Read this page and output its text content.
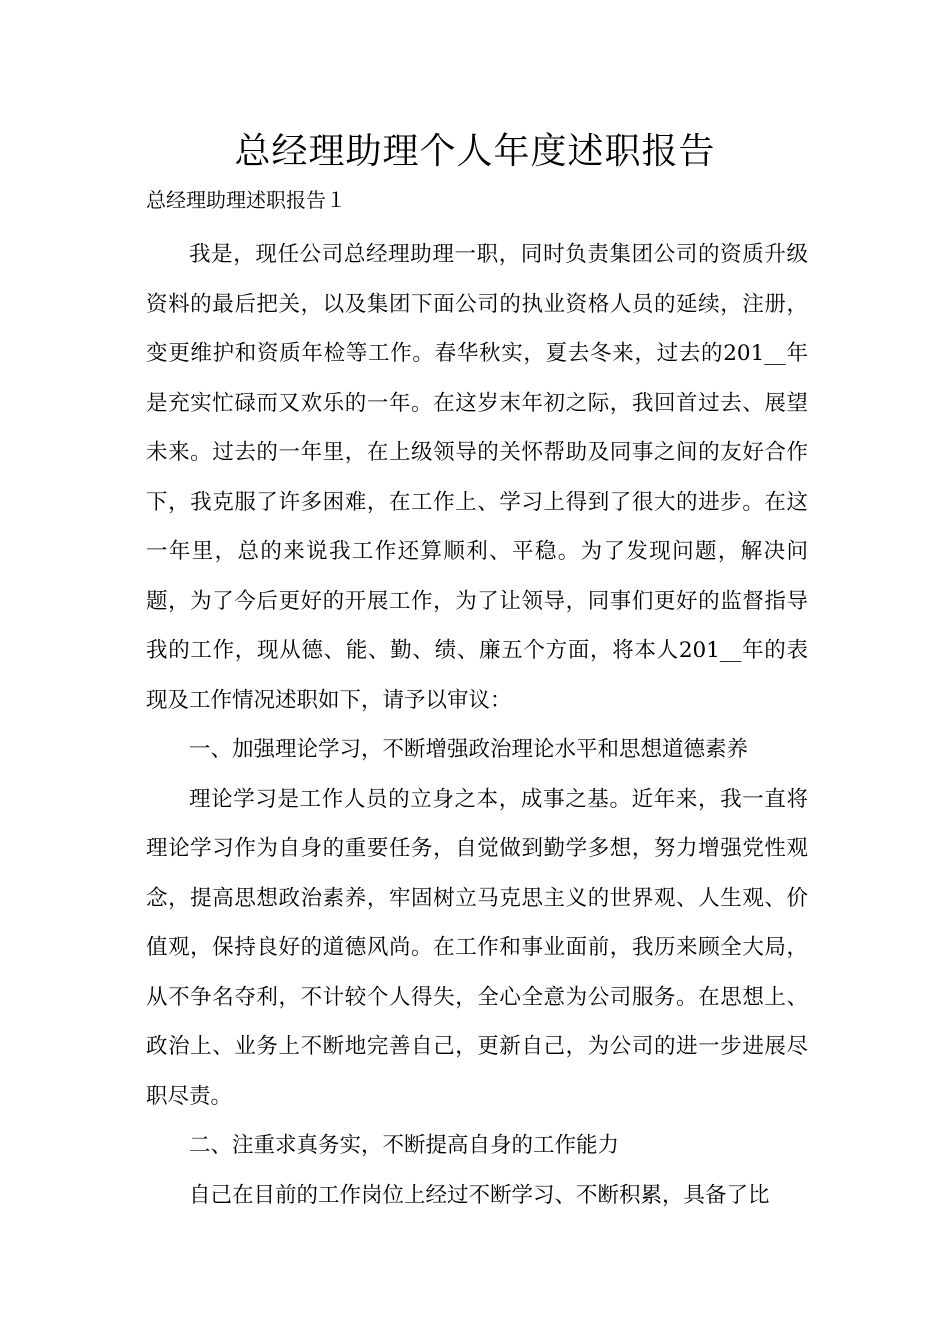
总经理助理个人年度述职报告
总经理助理述职报告１

我是，现任公司总经理助理一职，同时负责集团公司的资质升级资料的最后把关，以及集团下面公司的执业资格人员的延续，注册，变更维护和资质年检等工作。春华秋实，夏去冬来，过去的201__年是充实忙碌而又欢乐的一年。在这岁末年初之际，我回首过去、展望未来。过去的一年里，在上级领导的关怀帮助及同事之间的友好合作下，我克服了许多困难，在工作上、学习上得到了很大的进步。在这一年里，总的来说我工作还算顺利、平稳。为了发现问题，解决问题，为了今后更好的开展工作，为了让领导，同事们更好的监督指导我的工作，现从德、能、勤、绩、廉五个方面，将本人201__年的表现及工作情况述职如下，请予以审议：

一、加强理论学习，不断增强政治理论水平和思想道德素养

理论学习是工作人员的立身之本，成事之基。近年来，我一直将理论学习作为自身的重要任务，自觉做到勤学多想，努力增强党性观念，提高思想政治素养，牢固树立马克思主义的世界观、人生观、价值观，保持良好的道德风尚。在工作和事业面前，我历来顾全大局，从不争名夺利，不计较个人得失，全心全意为公司服务。在思想上、政治上、业务上不断地完善自己，更新自己，为公司的进一步进展尽职尽责。

二、注重求真务实，不断提高自身的工作能力

自己在目前的工作岗位上经过不断学习、不断积累，具备了比
